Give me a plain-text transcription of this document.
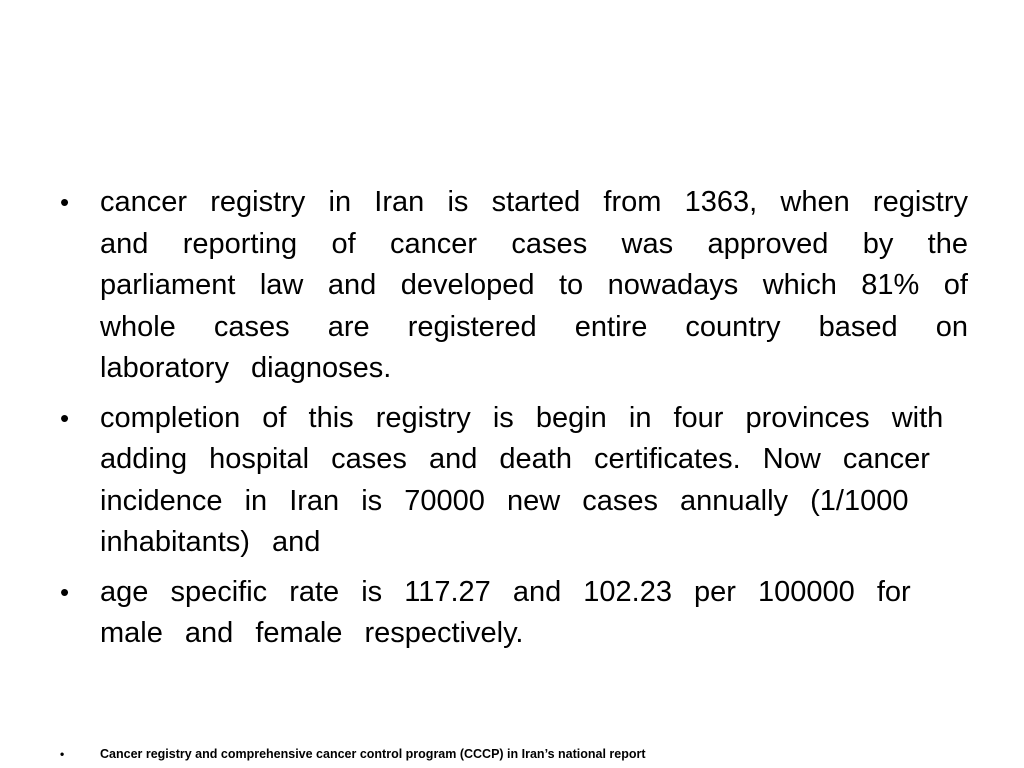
• cancer registry in Iran is started from 1363, when registry and reporting of cancer cases was approved by the parliament law and developed to nowadays which 81% of whole cases are registered entire country based on laboratory diagnoses.
• completion of this registry is begin in four provinces with adding hospital cases and death certificates. Now cancer incidence in Iran is 70000 new cases annually (1/1000 inhabitants) and
• age specific rate is 117.27 and 102.23 per 100000 for male and female respectively.
•	Cancer registry and comprehensive cancer control program (CCCP) in Iran’s national report
